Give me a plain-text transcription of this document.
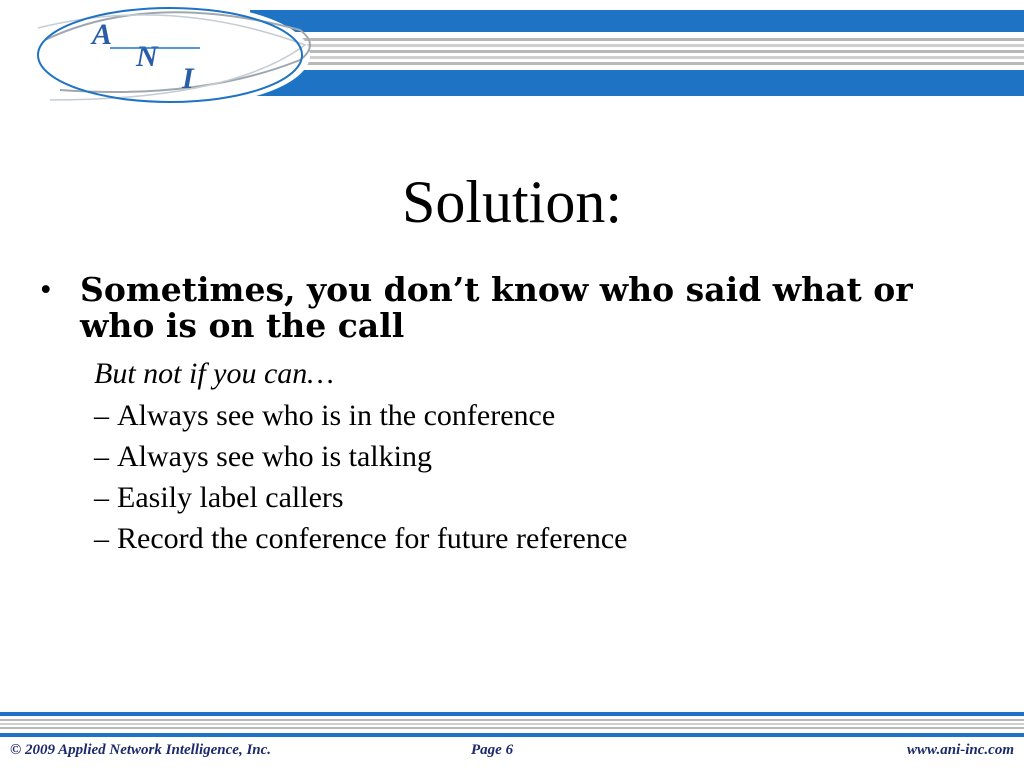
A
N
I
Solution:
• Sometimes, you don’t know who said what or who is on the call
But not if you can…
– Always see who is in the conference
– Always see who is talking
– Easily label callers
– Record the conference for future reference
© 2009 Applied Network Intelligence, Inc.	Page 6	www.ani-inc.com
